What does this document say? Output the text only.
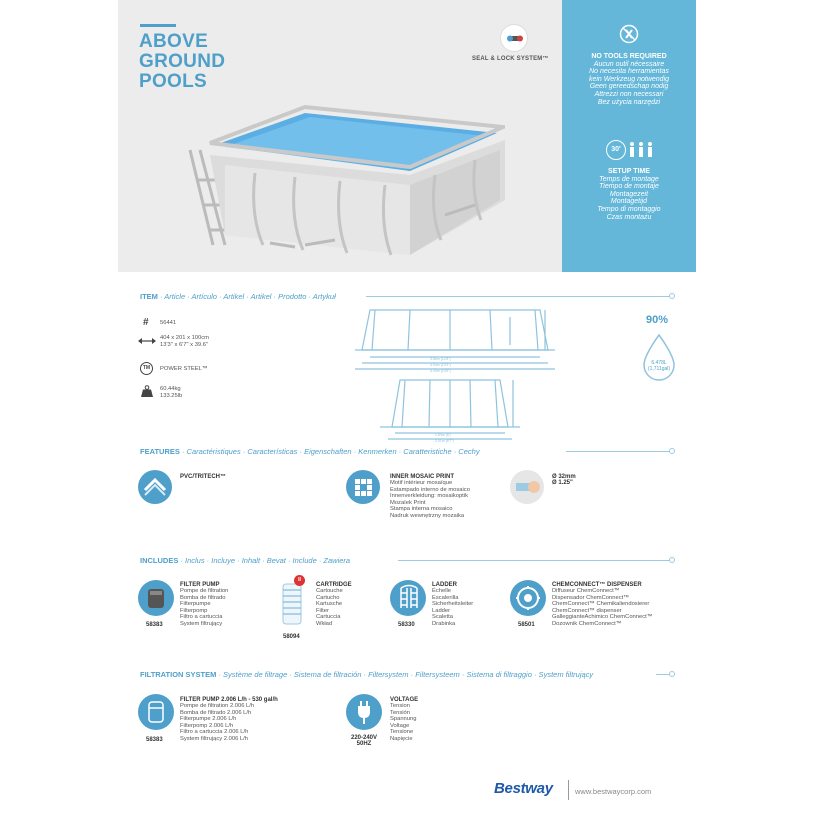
ABOVE
GROUND
POOLS
SEAL & LOCK SYSTEM™	NO TOOLS REQUIRED
Aucun outil nécessaire
No necesita herramientas
kein Werkzeug notwendig
Geen gereedschap nodig
Attrezzi non necessari
Bez użycia narzędzi
30'
SETUP TIME
Temps de montage
Tiempo de montaje
Montagezeit
Montagetijd
Tempo di montaggio
Czas montażu
ITEM · Article · Artículo · Artikel · Artikel · Prodotto · Artykuł
# 56441
404 x 201 x 100cm
13'3" x 6'7" x 39.6"
TM	POWER STEEL™
60.44kg
133.25lb
3.86m (12'8")
4.04m (13'3")
4.40m (14'5")
1.83m (6')
2.01m (6'7")
90%
6.478L
(1,711gal)
FEATURES · Caractéristiques · Características · Eigenschaften · Kenmerken · Caratteristiche · Cechy
PVC/TRITECH™	INNER MOSAIC PRINT
Motif intérieur mosaïque
Estampado interno de mosaico
Innenverkleidung: mosaikoptik
Mozaïek Print
Stampa interna mosaico
Nadruk wewnętrzny mozaika
Ø 32mm
Ø 1.25"
INCLUDES · Inclus · Incluye · Inhalt · Bevat · Include · Zawiera
58383
FILTER PUMP
Pompe de filtration
Bomba de filtrado
Filterpumpe
Filterpomp
Filtro a cartuccia
System filtrujący
II
58094
CARTRIDGE
Cartouche
Cartucho
Kartusche
Filter
Cartuccia
Wkład	58330
LADDER
Échelle
Escalerilla
Sicherheitsleiter
Ladder
Scaletta
Drabinka	58501
CHEMCONNECT™ DISPENSER
Diffuseur ChemConnect™
Dispensador ChemConnect™
ChemConnect™ Chemikaliendosierer
ChemConnect™ dispenser
GalleggianteAchimico ChemConnect™
Dozownik ChemConnect™
FILTRATION SYSTEM · Système de filtrage · Sistema de filtración · Filtersystem · Filtersysteem · Sistema di filtraggio · System filtrujący
58383
FILTER PUMP 2.006 L/h - 530 gal/h
Pompe de filtration 2.006 L/h
Bomba de filtrado 2.006 L/h
Filterpumpe 2.006 L/h
Filterpomp 2.006 L/h
Filtro a cartuccia 2.006 L/h
System filtrujący 2.006 L/h	220-240V
50HZ
VOLTAGE
Tension
Tensión
Spannung
Voltage
Tensione
Napięcie
Bestway	www.bestwaycorp.com
